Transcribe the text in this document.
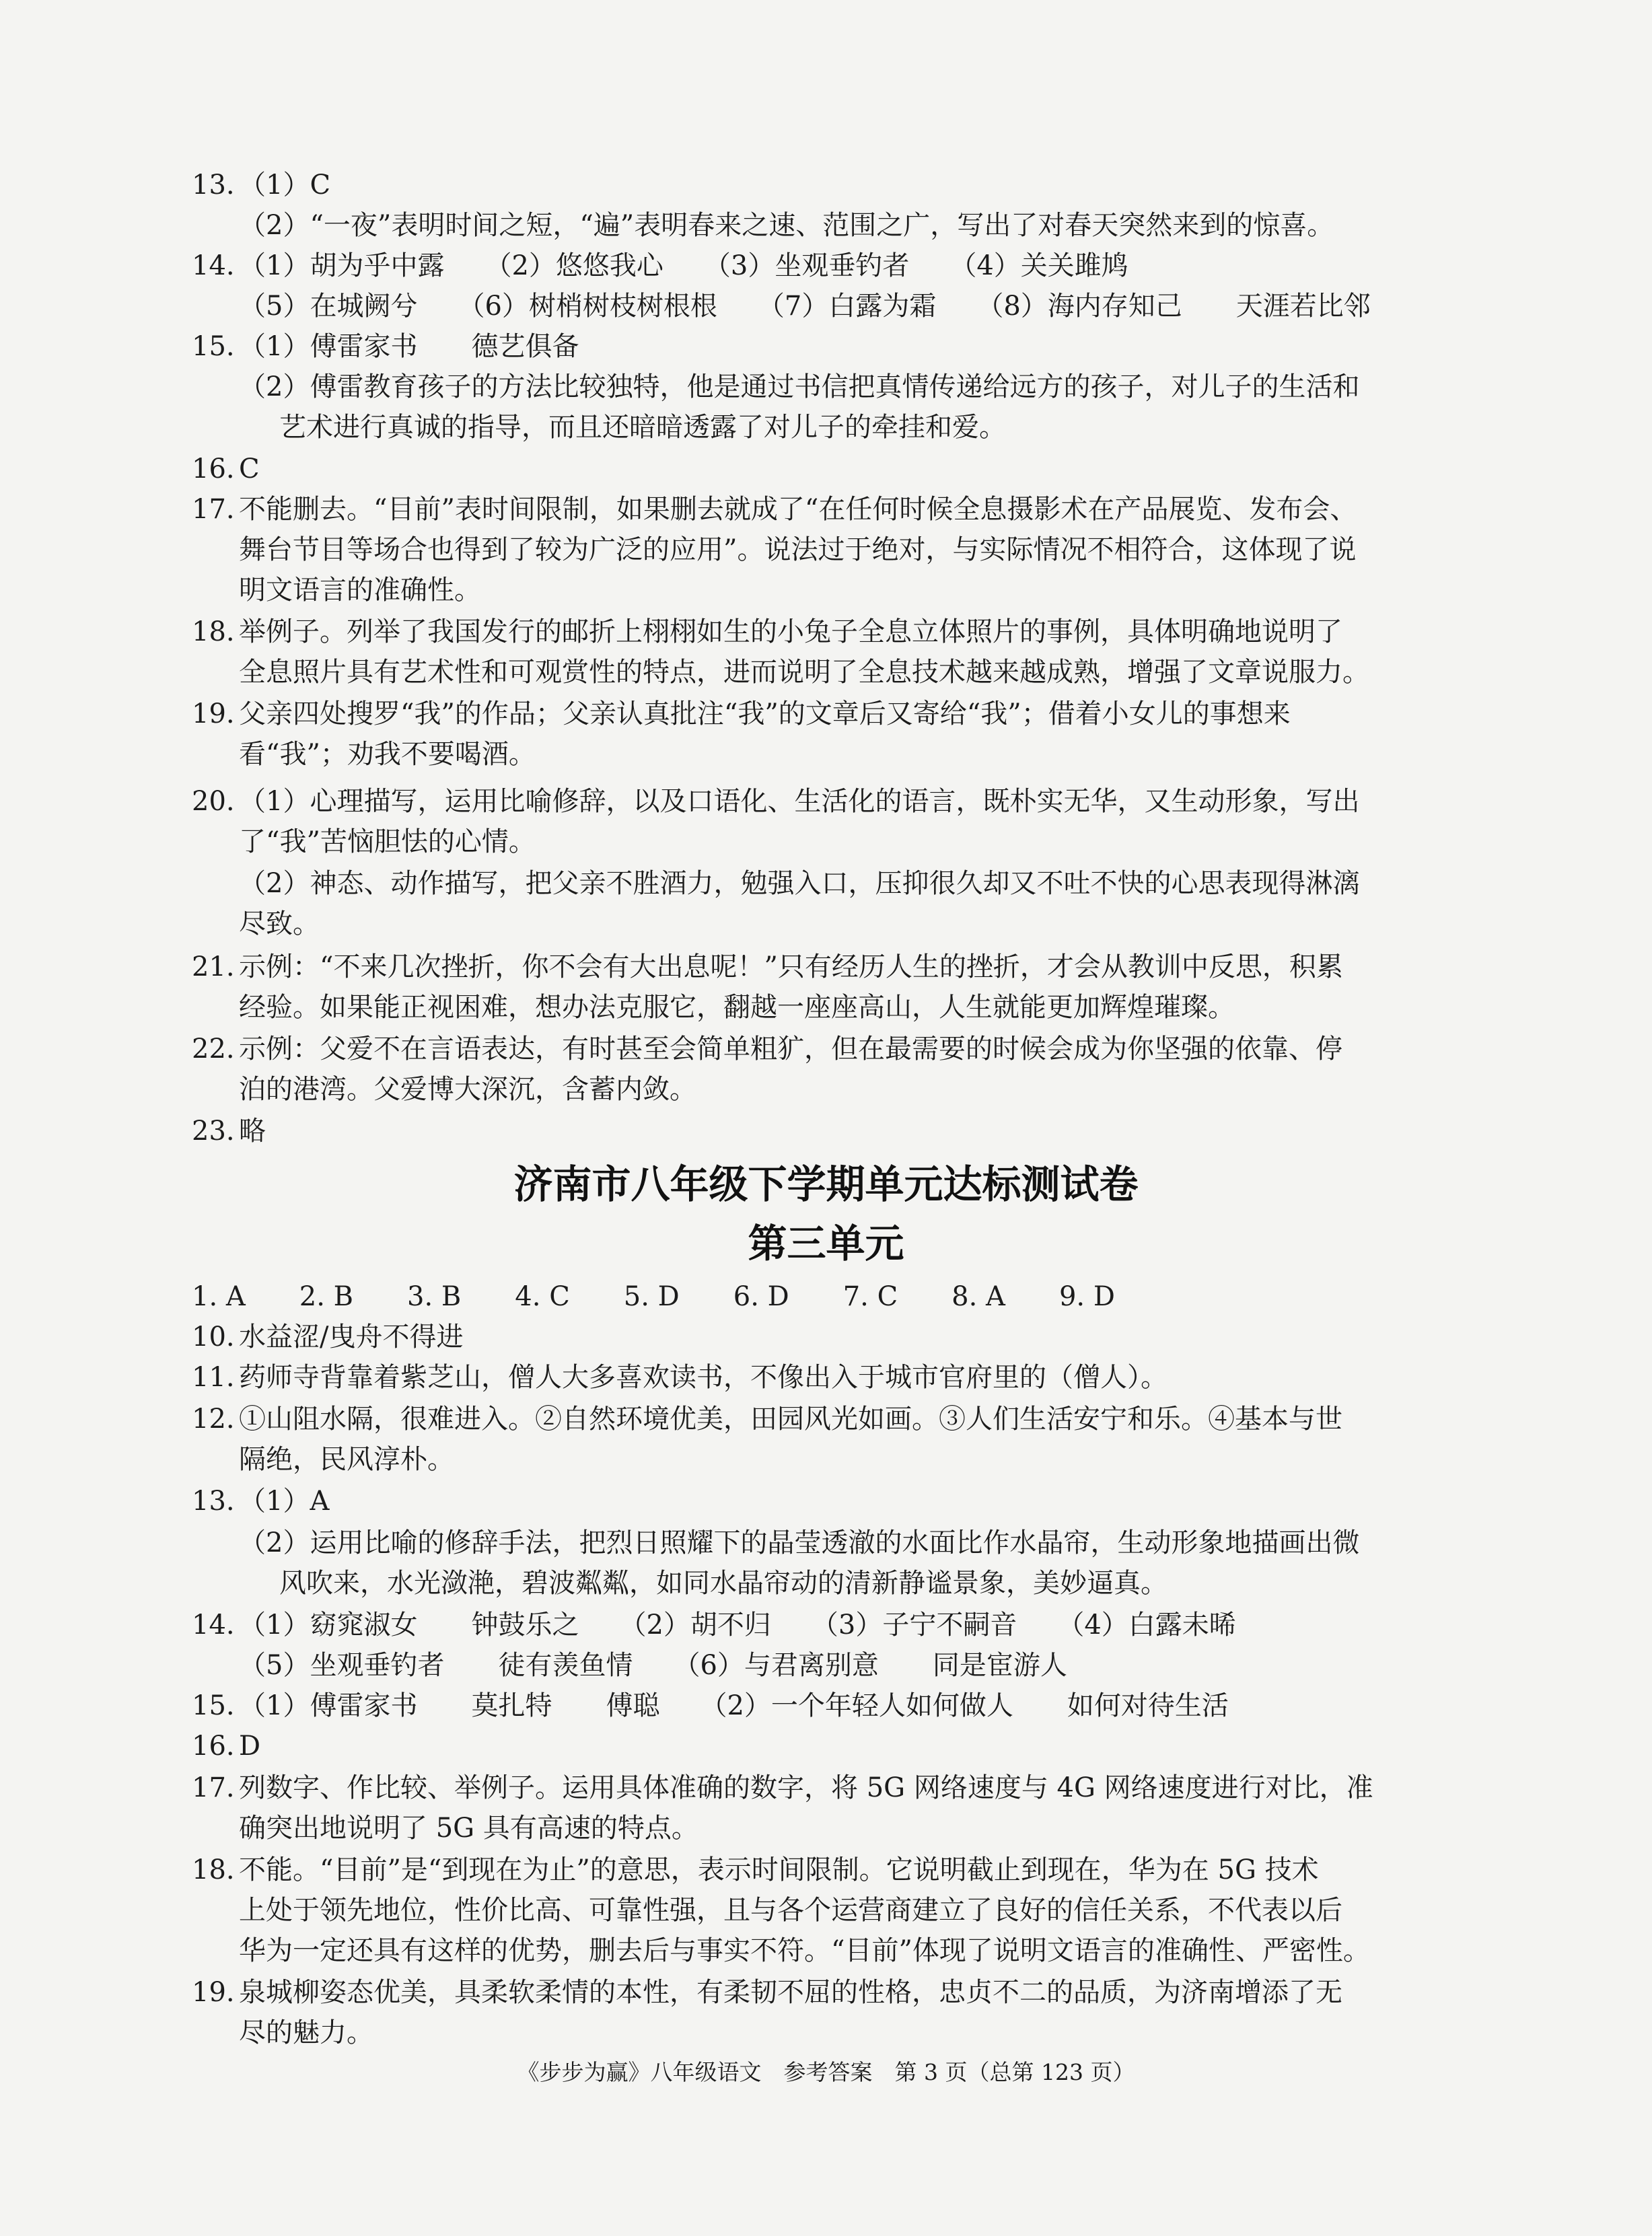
13. （1）C
（2）“一夜”表明时间之短，“遍”表明春来之速、范围之广，写出了对春天突然来到的惊喜。
14. （1）胡为乎中露　　（2）悠悠我心　　（3）坐观垂钓者　　（4）关关雎鸠
（5）在城阙兮　　（6）树梢树枝树根根　　（7）白露为霜　　（8）海内存知己　　天涯若比邻
15. （1）傅雷家书　　德艺俱备
（2）傅雷教育孩子的方法比较独特，他是通过书信把真情传递给远方的孩子，对儿子的生活和
艺术进行真诚的指导，而且还暗暗透露了对儿子的牵挂和爱。
16. C
17. 不能删去。“目前”表时间限制，如果删去就成了“在任何时候全息摄影术在产品展览、发布会、
舞台节目等场合也得到了较为广泛的应用”。说法过于绝对，与实际情况不相符合，这体现了说
明文语言的准确性。
18. 举例子。列举了我国发行的邮折上栩栩如生的小兔子全息立体照片的事例，具体明确地说明了
全息照片具有艺术性和可观赏性的特点，进而说明了全息技术越来越成熟，增强了文章说服力。
19. 父亲四处搜罗“我”的作品；父亲认真批注“我”的文章后又寄给“我”；借着小女儿的事想来
看“我”；劝我不要喝酒。
20. （1）心理描写，运用比喻修辞，以及口语化、生活化的语言，既朴实无华，又生动形象，写出
了“我”苦恼胆怯的心情。
（2）神态、动作描写，把父亲不胜酒力，勉强入口，压抑很久却又不吐不快的心思表现得淋漓
尽致。
21. 示例：“不来几次挫折，你不会有大出息呢！”只有经历人生的挫折，才会从教训中反思，积累
经验。如果能正视困难，想办法克服它，翻越一座座高山，人生就能更加辉煌璀璨。
22. 示例：父爱不在言语表达，有时甚至会简单粗犷，但在最需要的时候会成为你坚强的依靠、停
泊的港湾。父爱博大深沉，含蓄内敛。
23. 略
济南市八年级下学期单元达标测试卷
第三单元
1. A　　2. B　　3. B　　4. C　　5. D　　6. D　　7. C　　8. A　　9. D
10. 水益涩/曳舟不得进
11. 药师寺背靠着紫芝山，僧人大多喜欢读书，不像出入于城市官府里的（僧人）。
12. ①山阻水隔，很难进入。②自然环境优美，田园风光如画。③人们生活安宁和乐。④基本与世
隔绝，民风淳朴。
13. （1）A
（2）运用比喻的修辞手法，把烈日照耀下的晶莹透澈的水面比作水晶帘，生动形象地描画出微
风吹来，水光潋滟，碧波粼粼，如同水晶帘动的清新静谧景象，美妙逼真。
14. （1）窈窕淑女　　钟鼓乐之　　（2）胡不归　　（3）子宁不嗣音　　（4）白露未晞
（5）坐观垂钓者　　徒有羡鱼情　　（6）与君离别意　　同是宦游人
15. （1）傅雷家书　　莫扎特　　傅聪　　（2）一个年轻人如何做人　　如何对待生活
16. D
17. 列数字、作比较、举例子。运用具体准确的数字，将 5G 网络速度与 4G 网络速度进行对比，准
确突出地说明了 5G 具有高速的特点。
18. 不能。“目前”是“到现在为止”的意思，表示时间限制。它说明截止到现在，华为在 5G 技术
上处于领先地位，性价比高、可靠性强，且与各个运营商建立了良好的信任关系，不代表以后
华为一定还具有这样的优势，删去后与事实不符。“目前”体现了说明文语言的准确性、严密性。
19. 泉城柳姿态优美，具柔软柔情的本性，有柔韧不屈的性格，忠贞不二的品质，为济南增添了无
尽的魅力。
《步步为赢》八年级语文　参考答案　第 3 页（总第 123 页）
